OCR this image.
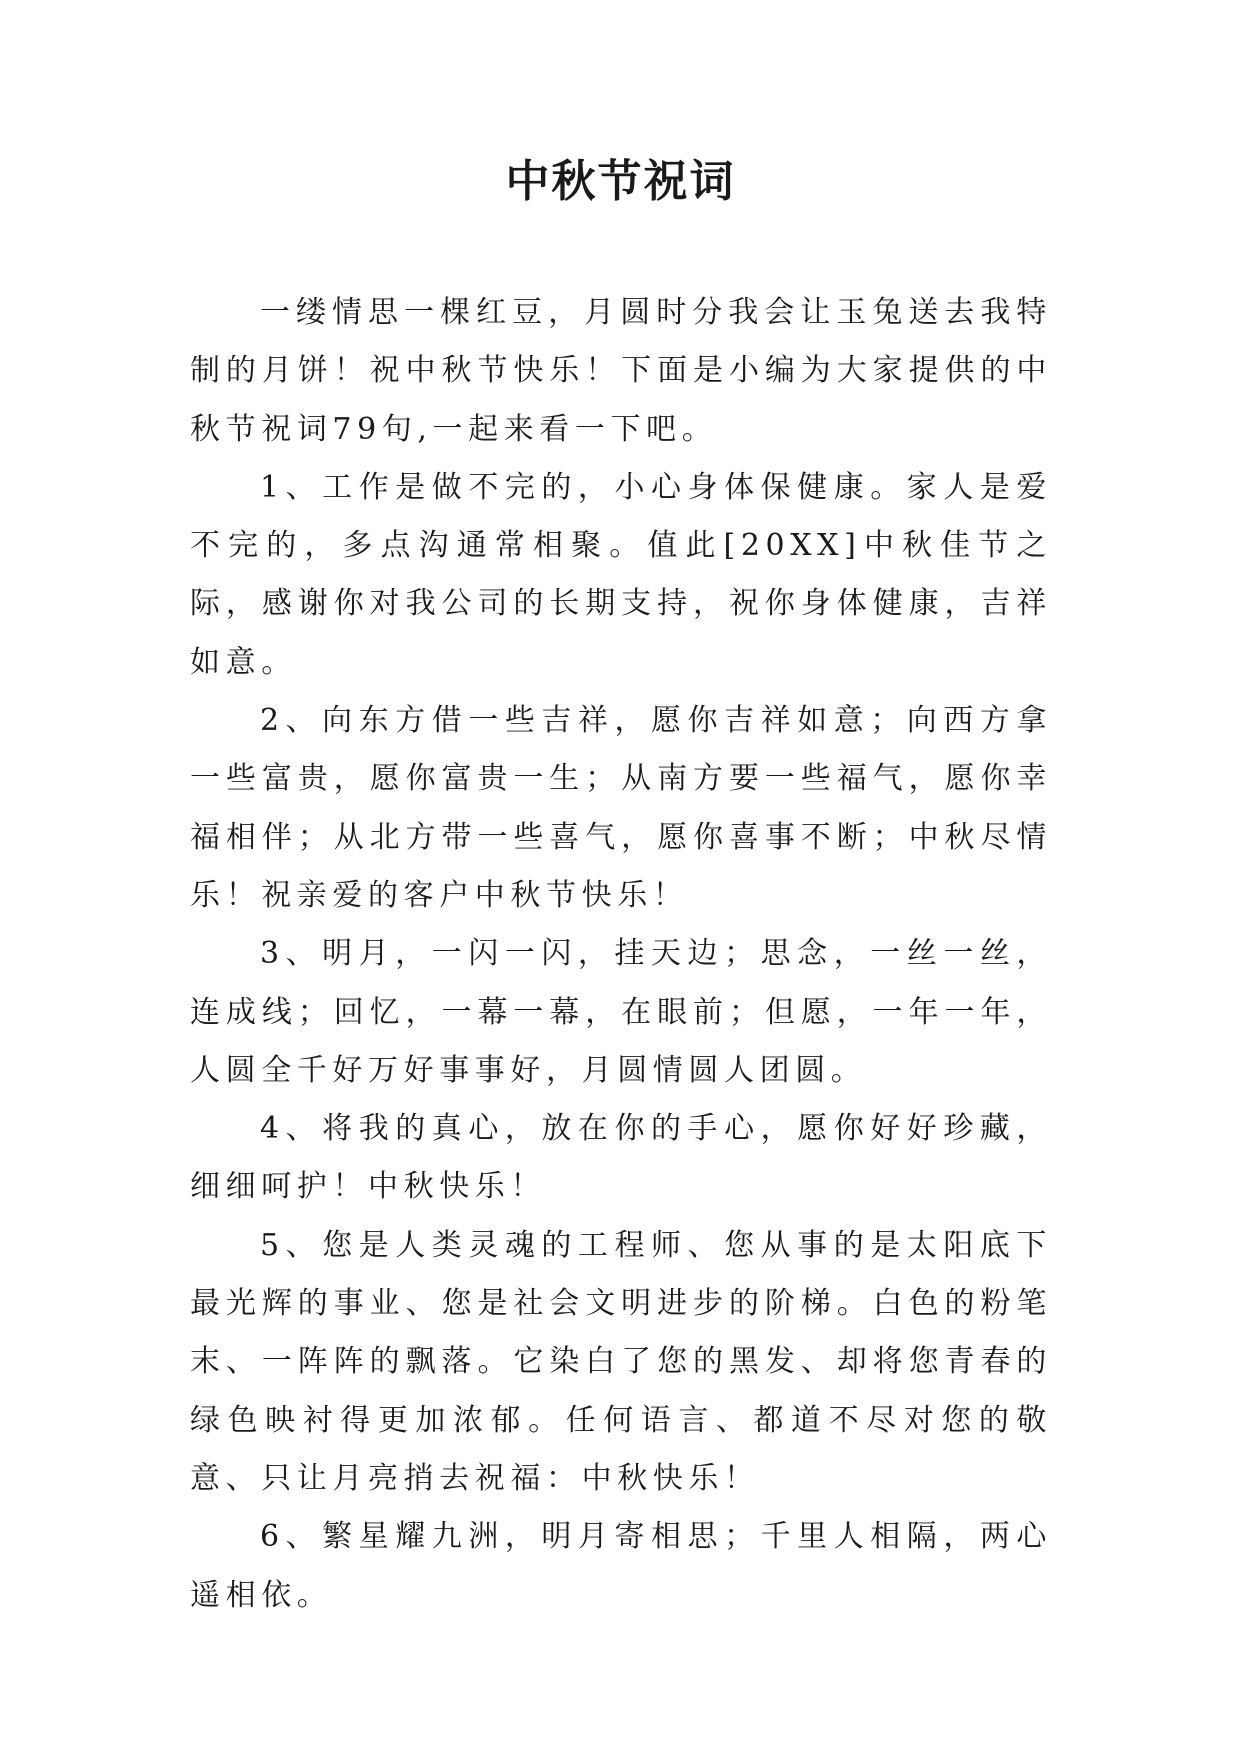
中秋节祝词

一缕情思一棵红豆，月圆时分我会让玉兔送去我特制的月饼！祝中秋节快乐！下面是小编为大家提供的中秋节祝词79句,一起来看一下吧。

1、工作是做不完的，小心身体保健康。家人是爱不完的，多点沟通常相聚。值此[20XX]中秋佳节之际，感谢你对我公司的长期支持，祝你身体健康，吉祥如意。

2、向东方借一些吉祥，愿你吉祥如意；向西方拿一些富贵，愿你富贵一生；从南方要一些福气，愿你幸福相伴；从北方带一些喜气，愿你喜事不断；中秋尽情乐！祝亲爱的客户中秋节快乐！

3、明月，一闪一闪，挂天边；思念，一丝一丝，连成线；回忆，一幕一幕，在眼前；但愿，一年一年，人圆全千好万好事事好，月圆情圆人团圆。

4、将我的真心，放在你的手心，愿你好好珍藏，细细呵护！中秋快乐！

5、您是人类灵魂的工程师、您从事的是太阳底下最光辉的事业、您是社会文明进步的阶梯。白色的粉笔末、一阵阵的飘落。它染白了您的黑发、却将您青春的绿色映衬得更加浓郁。任何语言、都道不尽对您的敬意、只让月亮捎去祝福：中秋快乐！

6、繁星耀九洲，明月寄相思；千里人相隔，两心遥相依。
